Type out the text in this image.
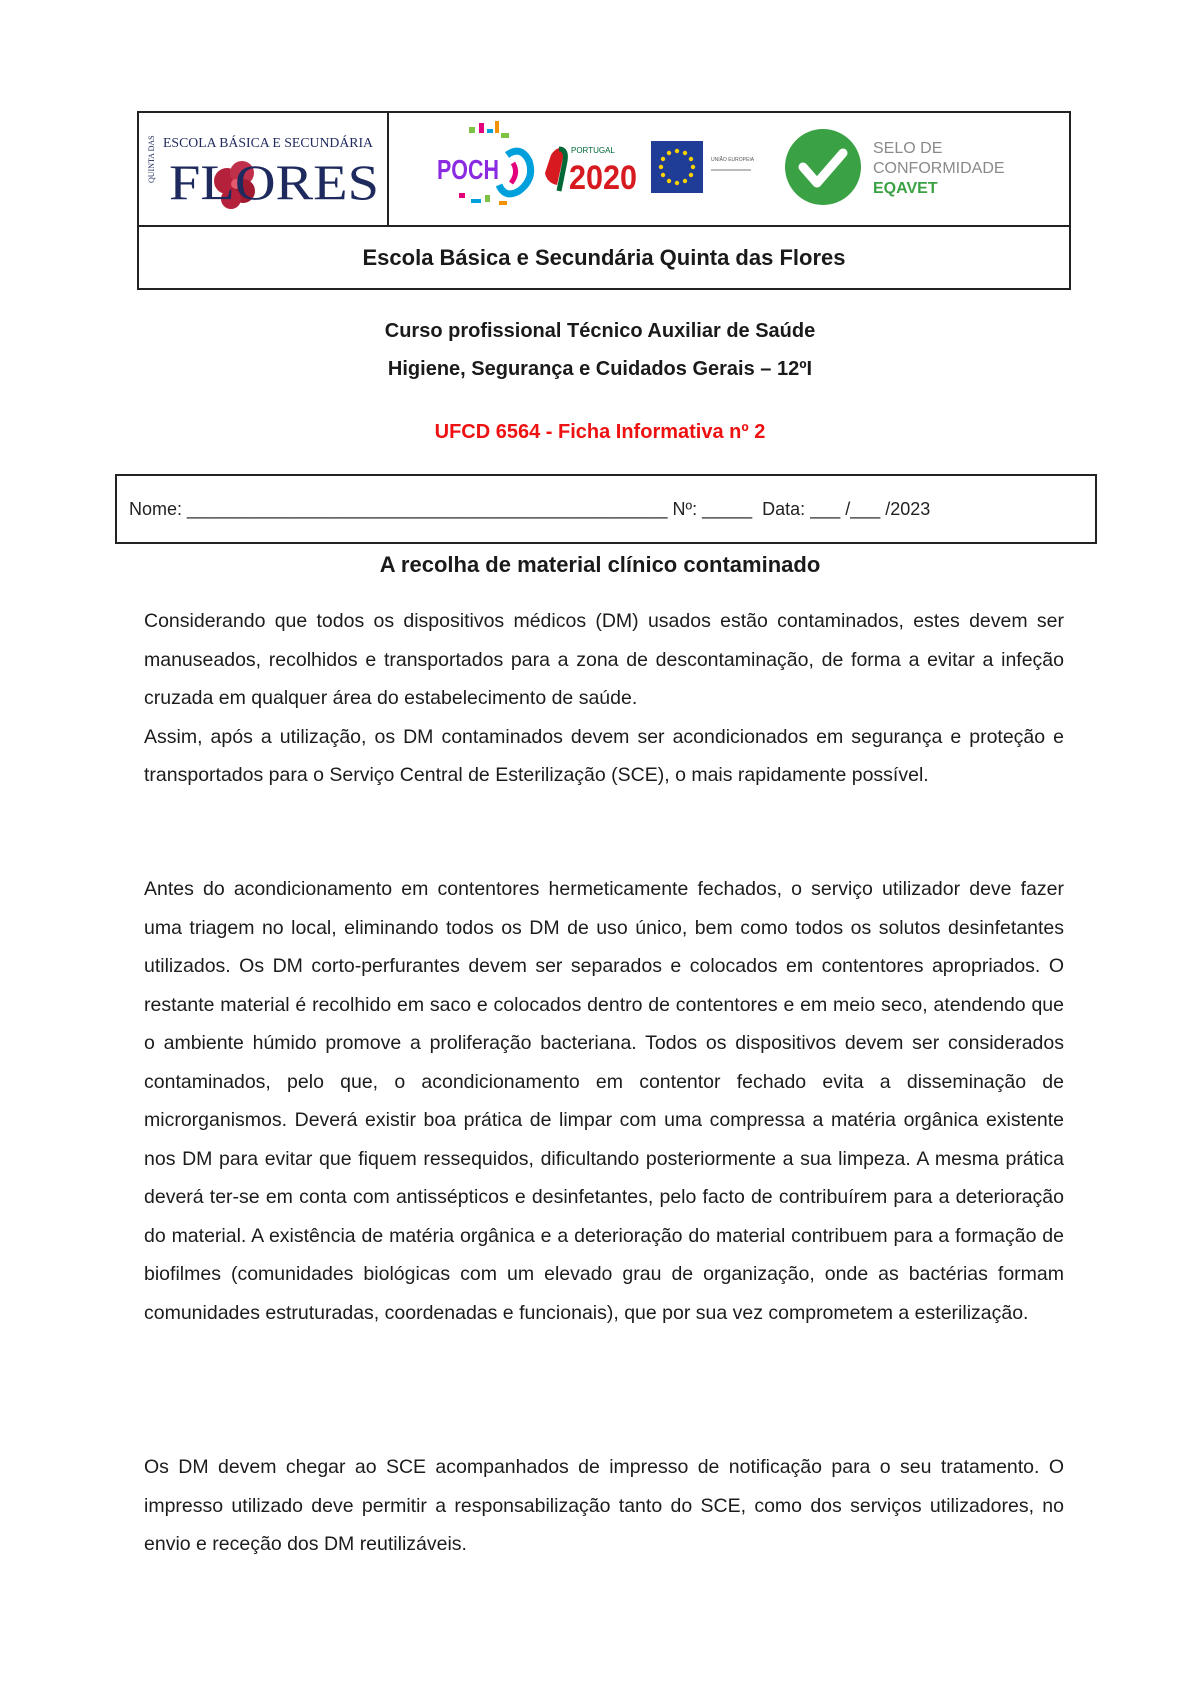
QUINTA DAS ESCOLA BÁSICA E SECUNDÁRIA
FLORES POCH
PORTUGAL
2020	UNIÃO EUROPEIA
SELO DE
CONFORMIDADE
EQAVET
Escola Básica e Secundária Quinta das Flores
Curso profissional Técnico Auxiliar de Saúde
Higiene, Segurança e Cuidados Gerais – 12ºI
UFCD 6564 - Ficha Informativa nº 2
Nome: ________________________________________________ Nº: _____  Data: ___ /___ /2023
A recolha de material clínico contaminado

Considerando que todos os dispositivos médicos (DM) usados estão contaminados, estes devem ser manuseados, recolhidos e transportados para a zona de descontaminação, de forma a evitar a infeção cruzada em qualquer área do estabelecimento de saúde.
Assim, após a utilização, os DM contaminados devem ser acondicionados em segurança e proteção e transportados para o Serviço Central de Esterilização (SCE), o mais rapidamente possível.

Antes do acondicionamento em contentores hermeticamente fechados, o serviço utilizador deve fazer uma triagem no local, eliminando todos os DM de uso único, bem como todos os solutos desinfetantes utilizados. Os DM corto-perfurantes devem ser separados e colocados em contentores apropriados. O restante material é recolhido em saco e colocados dentro de contentores e em meio seco, atendendo que o ambiente húmido promove a proliferação bacteriana. Todos os dispositivos devem ser considerados contaminados, pelo que, o acondicionamento em contentor fechado evita a disseminação de microrganismos. Deverá existir boa prática de limpar com uma compressa a matéria orgânica existente nos DM para evitar que fiquem ressequidos, dificultando posteriormente a sua limpeza. A mesma prática deverá ter-se em conta com antissépticos e desinfetantes, pelo facto de contribuírem para a deterioração do material. A existência de matéria orgânica e a deterioração do material contribuem para a formação de biofilmes (comunidades biológicas com um elevado grau de organização, onde as bactérias formam comunidades estruturadas, coordenadas e funcionais), que por sua vez comprometem a esterilização.

Os DM devem chegar ao SCE acompanhados de impresso de notificação para o seu tratamento. O impresso utilizado deve permitir a responsabilização tanto do SCE, como dos serviços utilizadores, no envio e receção dos DM reutilizáveis.
